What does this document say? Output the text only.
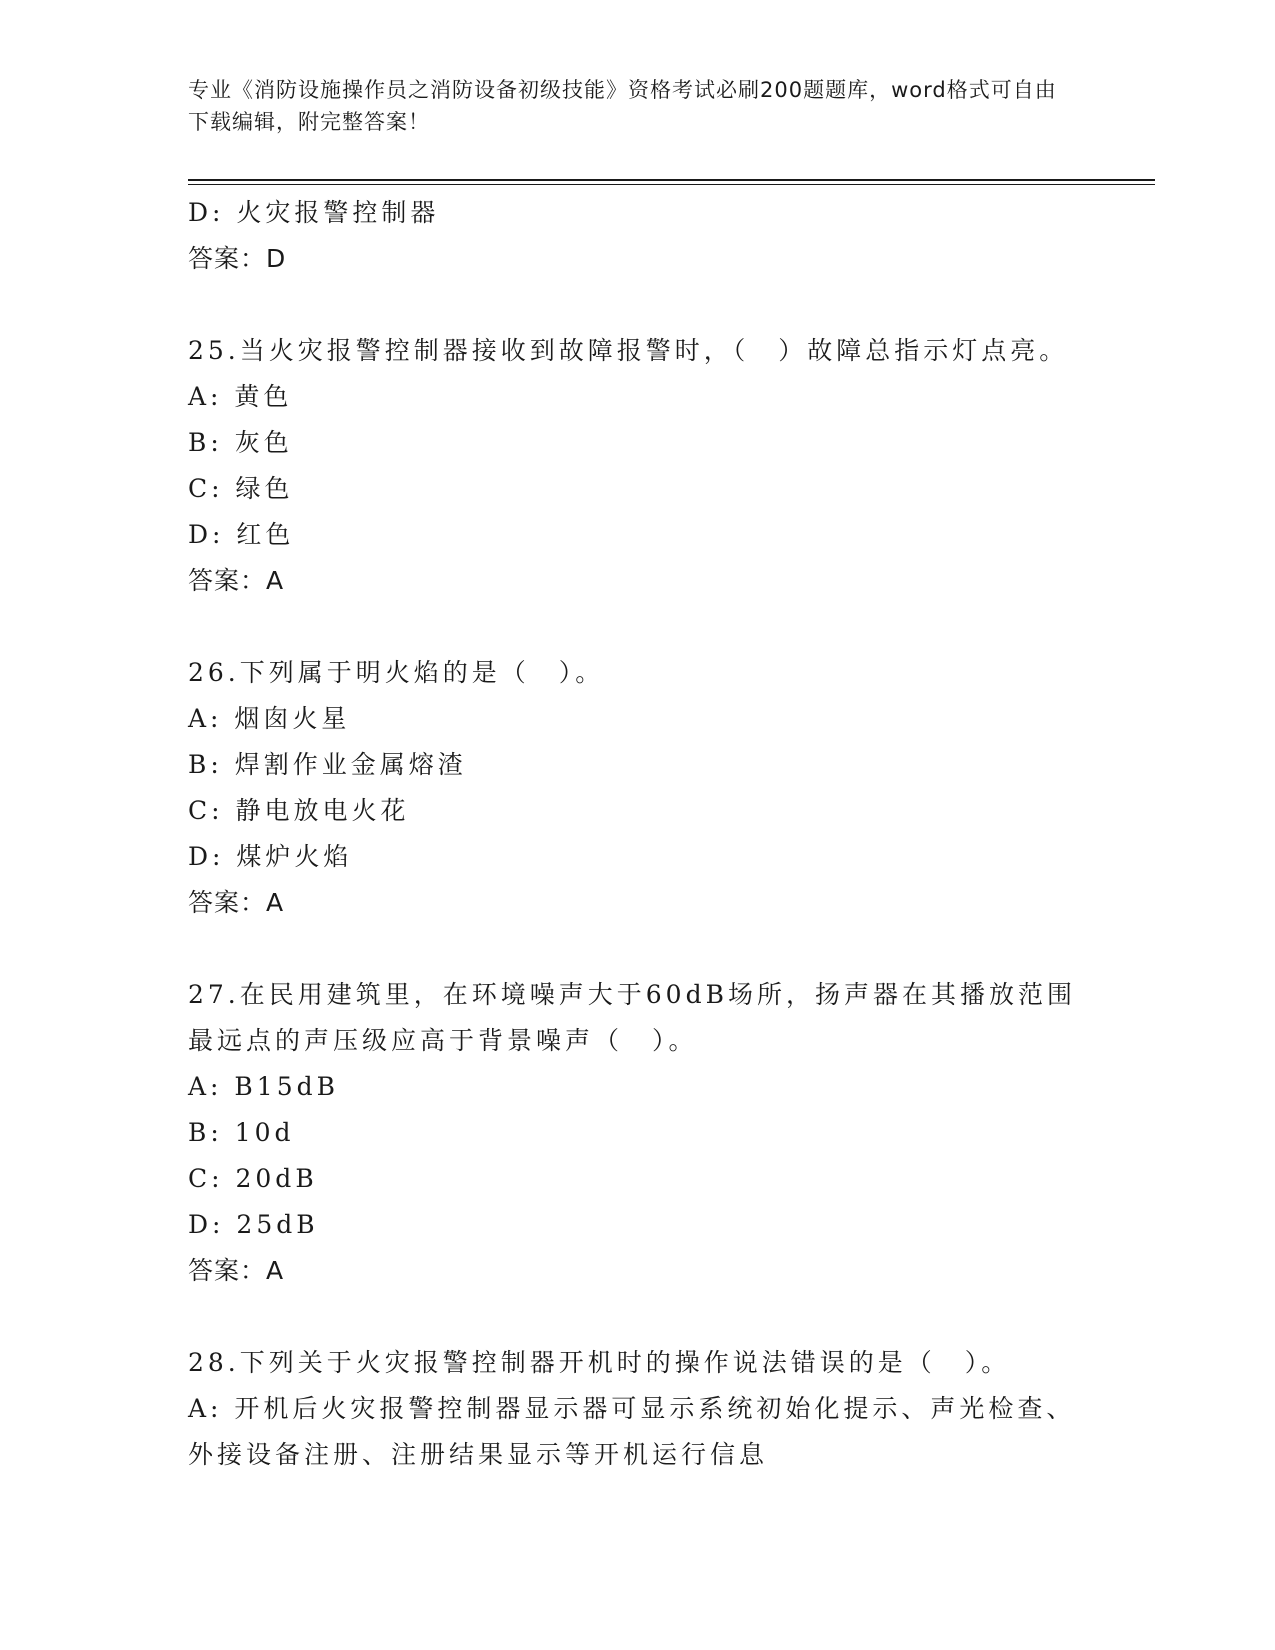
专业《消防设施操作员之消防设备初级技能》资格考试必刷200题题库，word格式可自由下载编辑，附完整答案！

D: 火灾报警控制器

答案：D

25.当火灾报警控制器接收到故障报警时，（　）故障总指示灯点亮。

A: 黄色

B: 灰色

C: 绿色

D: 红色

答案：A

26.下列属于明火焰的是（　）。

A: 烟囱火星

B: 焊割作业金属熔渣

C: 静电放电火花

D: 煤炉火焰

答案：A

27.在民用建筑里，在环境噪声大于60dB场所，扬声器在其播放范围

最远点的声压级应高于背景噪声（　）。

A: B15dB

B: 10d

C: 20dB

D: 25dB

答案：A

28.下列关于火灾报警控制器开机时的操作说法错误的是（　）。

A: 开机后火灾报警控制器显示器可显示系统初始化提示、声光检查、

外接设备注册、注册结果显示等开机运行信息
